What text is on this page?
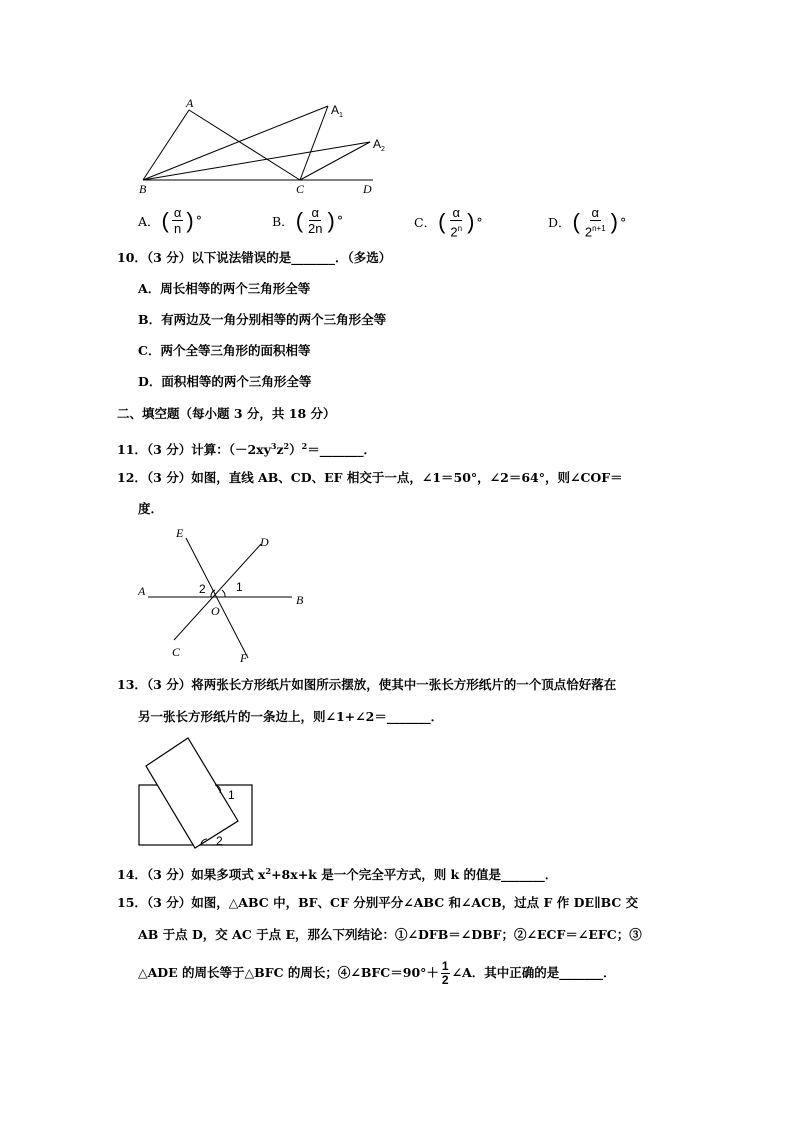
A	$A_1$
$A_2$
B	C	D
A． ( $\frac{\alpha}{n}$ ) °	B． ( $\frac{\alpha}{2n}$ ) °	C． ( $\frac{\alpha}{2^n}$ ) °	D． ( $\frac{\alpha}{2^{n+1}}$ ) °
10．（3 分）以下说法错误的是_______．（多选）
A．周长相等的两个三角形全等
B．有两边及一角分别相等的两个三角形全等
C．两个全等三角形的面积相等
D．面积相等的两个三角形全等
二、填空题（每小题 3 分，共 18 分）
11．（3 分）计算：$(-2xy^3z^2)^2=\_\_\_\_\_\_\_$．
12．（3 分）如图，直线 AB、CD、EF 相交于一点，∠1＝50°，∠2＝64°，则∠COF＝
度．
E
D
A
B
O
C	F
2	1
13．（3 分）将两张长方形纸片如图所示摆放，使其中一张长方形纸片的一个顶点恰好落在
另一张长方形纸片的一条边上，则∠1+∠2＝_______．
1
2
14．（3 分）如果多项式 $x^2+8x+k$ 是一个完全平方式，则 k 的值是_______．
15．（3 分）如图，△ABC 中，BF、CF 分别平分∠ABC 和∠ACB，过点 F 作 DE∥BC 交
AB 于点 D，交 AC 于点 E，那么下列结论：①∠DFB＝∠DBF；②∠ECF＝∠EFC；③
△ADE 的周长等于△BFC 的周长；④∠BFC＝90°＋ $\frac{1}{2}$ ∠A．其中正确的是_______．
